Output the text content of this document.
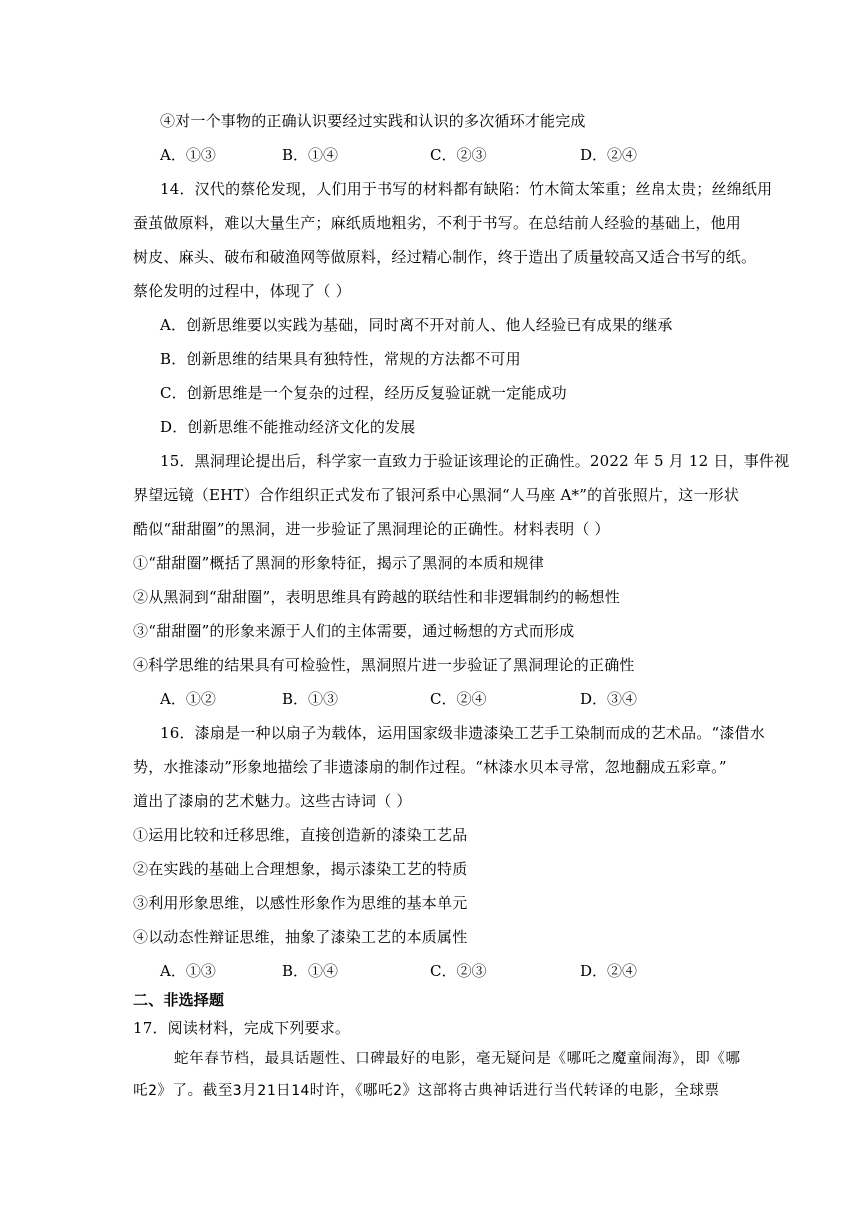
④对一个事物的正确认识要经过实践和认识的多次循环才能完成
A．①③	B．①④	C．②③	D．②④
14．汉代的蔡伦发现，人们用于书写的材料都有缺陷：竹木简太笨重；丝帛太贵；丝绵纸用
蚕茧做原料，难以大量生产；麻纸质地粗劣，不利于书写。在总结前人经验的基础上，他用
树皮、麻头、破布和破渔网等做原料，经过精心制作，终于造出了质量较高又适合书写的纸。
蔡伦发明的过程中，体现了（ ）
A．创新思维要以实践为基础，同时离不开对前人、他人经验已有成果的继承
B．创新思维的结果具有独特性，常规的方法都不可用
C．创新思维是一个复杂的过程，经历反复验证就一定能成功
D．创新思维不能推动经济文化的发展
15．黑洞理论提出后，科学家一直致力于验证该理论的正确性。2022 年 5 月 12 日，事件视
界望远镜（EHT）合作组织正式发布了银河系中心黑洞“人马座 A*”的首张照片，这一形状
酷似“甜甜圈”的黑洞，进一步验证了黑洞理论的正确性。材料表明（ ）
①“甜甜圈”概括了黑洞的形象特征，揭示了黑洞的本质和规律
②从黑洞到“甜甜圈”，表明思维具有跨越的联结性和非逻辑制约的畅想性
③“甜甜圈”的形象来源于人们的主体需要，通过畅想的方式而形成
④科学思维的结果具有可检验性，黑洞照片进一步验证了黑洞理论的正确性
A．①②	B．①③	C．②④	D．③④
16．漆扇是一种以扇子为载体，运用国家级非遗漆染工艺手工染制而成的艺术品。“漆借水
势，水推漆动”形象地描绘了非遗漆扇的制作过程。“林漆水贝本寻常，忽地翻成五彩章。”
道出了漆扇的艺术魅力。这些古诗词（ ）
①运用比较和迁移思维，直接创造新的漆染工艺品
②在实践的基础上合理想象，揭示漆染工艺的特质
③利用形象思维，以感性形象作为思维的基本单元
④以动态性辩证思维，抽象了漆染工艺的本质属性
A．①③	B．①④	C．②③	D．②④
二、非选择题
17．阅读材料，完成下列要求。
蛇年春节档，最具话题性、口碑最好的电影，毫无疑问是《哪吒之魔童闹海》，即《哪
吒2》了。截至3月21日14时许，《哪吒2》这部将古典神话进行当代转译的电影，全球票
